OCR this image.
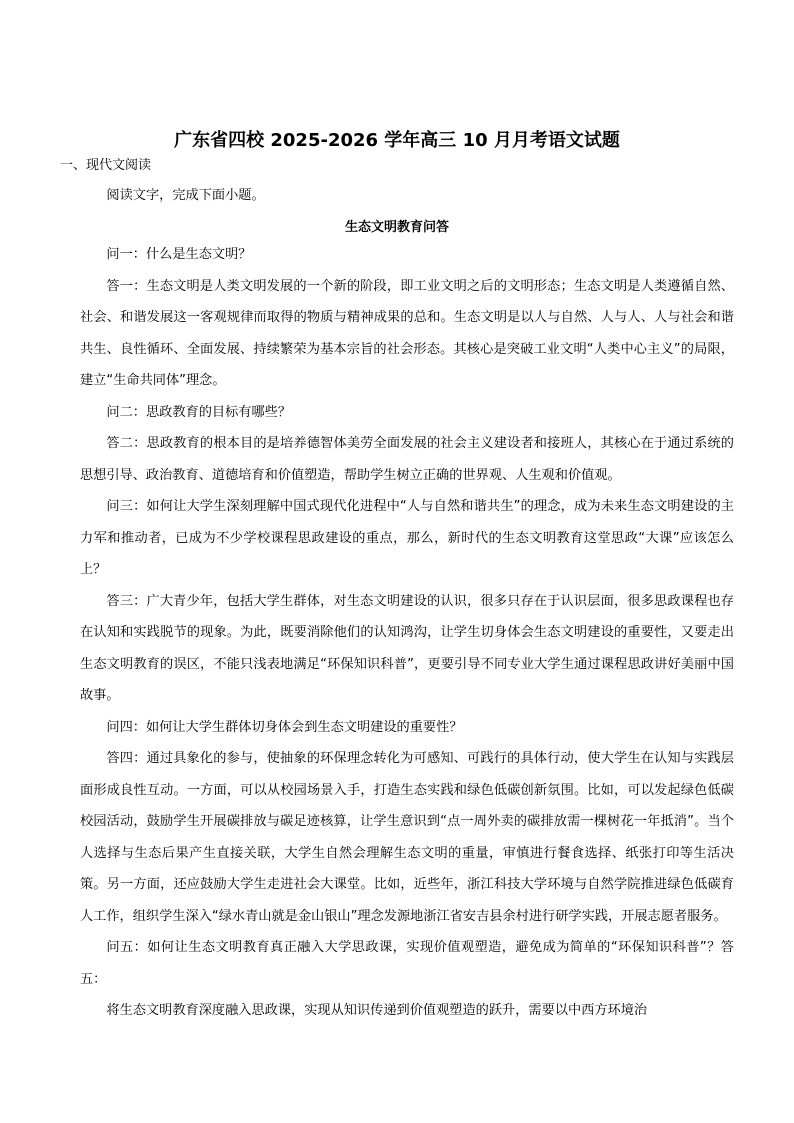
广东省四校 2025-2026 学年高三 10 月月考语文试题
一、现代文阅读

阅读文字，完成下面小题。

生态文明教育问答

问一：什么是生态文明？

答一：生态文明是人类文明发展的一个新的阶段，即工业文明之后的文明形态；生态文明是人类遵循自然、社会、和谐发展这一客观规律而取得的物质与精神成果的总和。生态文明是以人与自然、人与人、人与社会和谐共生、良性循环、全面发展、持续繁荣为基本宗旨的社会形态。其核心是突破工业文明“人类中心主义”的局限，建立“生命共同体”理念。

问二：思政教育的目标有哪些？

答二：思政教育的根本目的是培养德智体美劳全面发展的社会主义建设者和接班人，其核心在于通过系统的思想引导、政治教育、道德培育和价值塑造，帮助学生树立正确的世界观、人生观和价值观。

问三：如何让大学生深刻理解中国式现代化进程中“人与自然和谐共生”的理念，成为未来生态文明建设的主力军和推动者，已成为不少学校课程思政建设的重点，那么，新时代的生态文明教育这堂思政“大课”应该怎么上？

答三：广大青少年，包括大学生群体，对生态文明建设的认识，很多只存在于认识层面，很多思政课程也存在认知和实践脱节的现象。为此，既要消除他们的认知鸿沟，让学生切身体会生态文明建设的重要性，又要走出生态文明教育的误区，不能只浅表地满足“环保知识科普”，更要引导不同专业大学生通过课程思政讲好美丽中国故事。

问四：如何让大学生群体切身体会到生态文明建设的重要性？

答四：通过具象化的参与，使抽象的环保理念转化为可感知、可践行的具体行动，使大学生在认知与实践层面形成良性互动。一方面，可以从校园场景入手，打造生态实践和绿色低碳创新氛围。比如，可以发起绿色低碳校园活动，鼓励学生开展碳排放与碳足迹核算，让学生意识到“点一周外卖的碳排放需一棵树花一年抵消”。当个人选择与生态后果产生直接关联，大学生自然会理解生态文明的重量，审慎进行餐食选择、纸张打印等生活决策。另一方面，还应鼓励大学生走进社会大课堂。比如，近些年，浙江科技大学环境与自然学院推进绿色低碳育人工作，组织学生深入“绿水青山就是金山银山”理念发源地浙江省安吉县余村进行研学实践，开展志愿者服务。

问五：如何让生态文明教育真正融入大学思政课，实现价值观塑造，避免成为简单的“环保知识科普”？答五：

将生态文明教育深度融入思政课，实现从知识传递到价值观塑造的跃升，需要以中西方环境治
